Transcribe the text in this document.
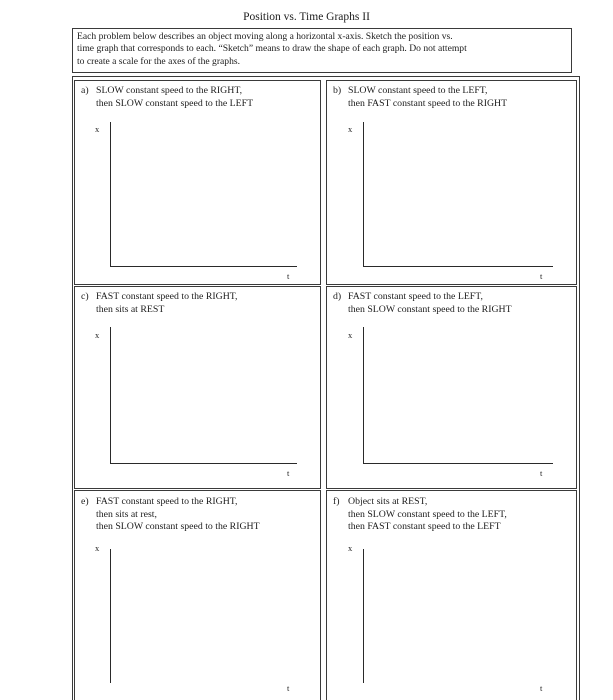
Position vs. Time Graphs II
Each problem below describes an object moving along a horizontal x-axis. Sketch the position vs.
time graph that corresponds to each. “Sketch” means to draw the shape of each graph. Do not attempt
to create a scale for the axes of the graphs.
a) SLOW constant speed to the RIGHT,
then SLOW constant speed to the LEFT
x
t
b) SLOW constant speed to the LEFT,
then FAST constant speed to the RIGHT
x
t
c) FAST constant speed to the RIGHT,
then sits at REST
x
t
d) FAST constant speed to the LEFT,
then SLOW constant speed to the RIGHT
x
t
e) FAST constant speed to the RIGHT,
then sits at rest,
then SLOW constant speed to the RIGHT
x
t
f) Object sits at REST,
then SLOW constant speed to the LEFT,
then FAST constant speed to the LEFT
x
t
